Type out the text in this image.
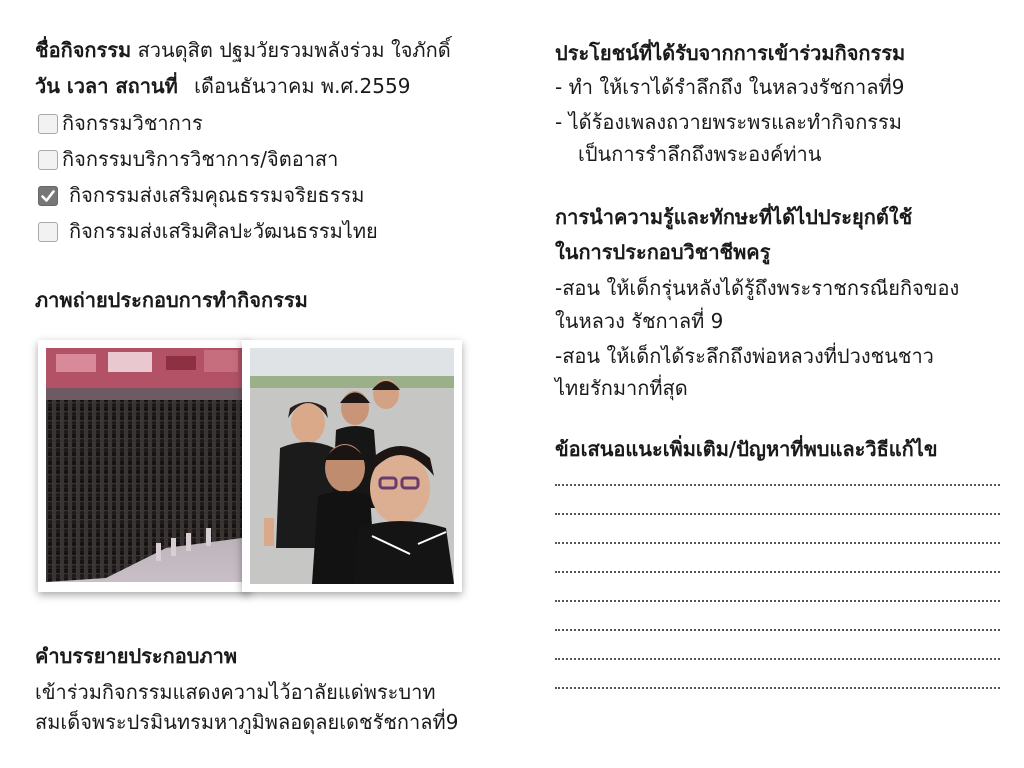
ชื่อกิจกรรม สวนดุสิต ปฐมวัยรวมพลังร่วม ใจภักดิ์
วัน เวลา สถานที่ เดือนธันวาคม พ.ศ.2559
กิจกรรมวิชาการ
กิจกรรมบริการวิชาการ/จิตอาสา
กิจกรรมส่งเสริมคุณธรรมจริยธรรม
กิจกรรมส่งเสริมศิลปะวัฒนธรรมไทย
ภาพถ่ายประกอบการทำกิจกรรม
คำบรรยายประกอบภาพ
เข้าร่วมกิจกรรมแสดงความไว้อาลัยแด่พระบาท
สมเด็จพระปรมินทรมหาภูมิพลอดุลยเดชรัชกาลที่9
ประโยชน์ที่ได้รับจากการเข้าร่วมกิจกรรม
- ทำ ให้เราได้รำลึกถึง ในหลวงรัชกาลที่9
- ได้ร้องเพลงถวายพระพรและทำกิจกรรม
เป็นการรำลึกถึงพระองค์ท่าน
การนำความรู้และทักษะที่ได้ไปประยุกต์ใช้
ในการประกอบวิชาชีพครู
-สอน ให้เด็กรุ่นหลังได้รู้ถึงพระราชกรณียกิจของ
ในหลวง รัชกาลที่ 9
-สอน ให้เด็กได้ระลึกถึงพ่อหลวงที่ปวงชนชาว
ไทยรักมากที่สุด
ข้อเสนอแนะเพิ่มเติม/ปัญหาที่พบและวิธีแก้ไข
